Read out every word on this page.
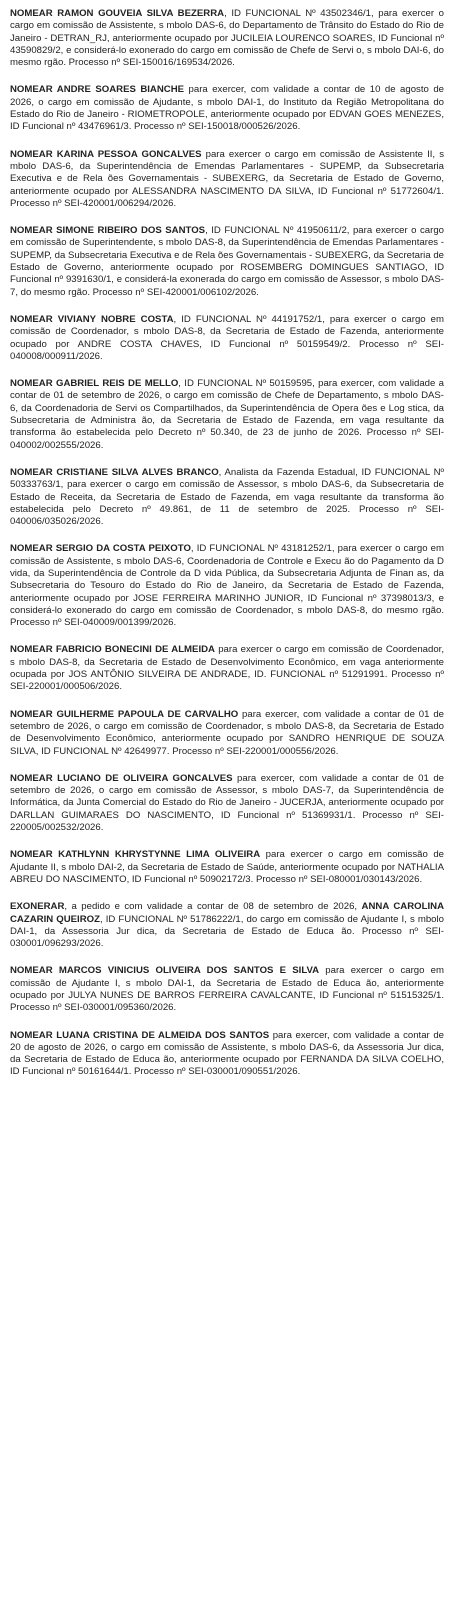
NOMEAR RAMON GOUVEIA SILVA BEZERRA, ID FUNCIONAL Nº 43502346/1, para exercer o cargo em comissão de Assistente, s mbolo DAS-6, do Departamento de Trânsito do Estado do Rio de Janeiro - DETRAN_RJ, anteriormente ocupado por JUCILEIA LOURENCO SOARES, ID Funcional nº 43590829/2, e considerá-lo exonerado do cargo em comissão de Chefe de Servi o, s mbolo DAI-6, do mesmo rgão. Processo nº SEI-150016/169534/2026.

NOMEAR ANDRE SOARES BIANCHE para exercer, com validade a contar de 10 de agosto de 2026, o cargo em comissão de Ajudante, s mbolo DAI-1, do Instituto da Região Metropolitana do Estado do Rio de Janeiro - RIOMETROPOLE, anteriormente ocupado por EDVAN GOES MENEZES, ID Funcional nº 43476961/3. Processo nº SEI-150018/000526/2026.

NOMEAR KARINA PESSOA GONCALVES para exercer o cargo em comissão de Assistente II, s mbolo DAS-6, da Superintendência de Emendas Parlamentares - SUPEMP, da Subsecretaria Executiva e de Rela ões Governamentais - SUBEXERG, da Secretaria de Estado de Governo, anteriormente ocupado por ALESSANDRA NASCIMENTO DA SILVA, ID Funcional nº 51772604/1. Processo nº SEI-420001/006294/2026.

NOMEAR SIMONE RIBEIRO DOS SANTOS, ID FUNCIONAL Nº 41950611/2, para exercer o cargo em comissão de Superintendente, s mbolo DAS-8, da Superintendência de Emendas Parlamentares - SUPEMP, da Subsecretaria Executiva e de Rela ões Governamentais - SUBEXERG, da Secretaria de Estado de Governo, anteriormente ocupado por ROSEMBERG DOMINGUES SANTIAGO, ID Funcional nº 9391630/1, e considerá-la exonerada do cargo em comissão de Assessor, s mbolo DAS-7, do mesmo rgão. Processo nº SEI-420001/006102/2026.

NOMEAR VIVIANY NOBRE COSTA, ID FUNCIONAL Nº 44191752/1, para exercer o cargo em comissão de Coordenador, s mbolo DAS-8, da Secretaria de Estado de Fazenda, anteriormente ocupado por ANDRE COSTA CHAVES, ID Funcional nº 50159549/2. Processo nº SEI-040008/000911/2026.

NOMEAR GABRIEL REIS DE MELLO, ID FUNCIONAL Nº 50159595, para exercer, com validade a contar de 01 de setembro de 2026, o cargo em comissão de Chefe de Departamento, s mbolo DAS-6, da Coordenadoria de Servi os Compartilhados, da Superintendência de Opera ões e Log stica, da Subsecretaria de Administra ão, da Secretaria de Estado de Fazenda, em vaga resultante da transforma ão estabelecida pelo Decreto nº 50.340, de 23 de junho de 2026. Processo nº SEI-040002/002555/2026.

NOMEAR CRISTIANE SILVA ALVES BRANCO, Analista da Fazenda Estadual, ID FUNCIONAL Nº 50333763/1, para exercer o cargo em comissão de Assessor, s mbolo DAS-6, da Subsecretaria de Estado de Receita, da Secretaria de Estado de Fazenda, em vaga resultante da transforma ão estabelecida pelo Decreto nº 49.861, de 11 de setembro de 2025. Processo nº SEI-040006/035026/2026.

NOMEAR SERGIO DA COSTA PEIXOTO, ID FUNCIONAL Nº 43181252/1, para exercer o cargo em comissão de Assistente, s mbolo DAS-6, Coordenadoria de Controle e Execu ão do Pagamento da D vida, da Superintendência de Controle da D vida Pública, da Subsecretaria Adjunta de Finan as, da Subsecretaria do Tesouro do Estado do Rio de Janeiro, da Secretaria de Estado de Fazenda, anteriormente ocupado por JOSE FERREIRA MARINHO JUNIOR, ID Funcional nº 37398013/3, e considerá-lo exonerado do cargo em comissão de Coordenador, s mbolo DAS-8, do mesmo rgão. Processo nº SEI-040009/001399/2026.

NOMEAR FABRICIO BONECINI DE ALMEIDA para exercer o cargo em comissão de Coordenador, s mbolo DAS-8, da Secretaria de Estado de Desenvolvimento Econômico, em vaga anteriormente ocupada por JOS ANTÔNIO SILVEIRA DE ANDRADE, ID. FUNCIONAL nº 51291991. Processo nº SEI-220001/000506/2026.

NOMEAR GUILHERME PAPOULA DE CARVALHO para exercer, com validade a contar de 01 de setembro de 2026, o cargo em comissão de Coordenador, s mbolo DAS-8, da Secretaria de Estado de Desenvolvimento Econômico, anteriormente ocupado por SANDRO HENRIQUE DE SOUZA SILVA, ID FUNCIONAL Nº 42649977. Processo nº SEI-220001/000556/2026.

NOMEAR LUCIANO DE OLIVEIRA GONCALVES para exercer, com validade a contar de 01 de setembro de 2026, o cargo em comissão de Assessor, s mbolo DAS-7, da Superintendência de Informática, da Junta Comercial do Estado do Rio de Janeiro - JUCERJA, anteriormente ocupado por DARLLAN GUIMARAES DO NASCIMENTO, ID Funcional nº 51369931/1. Processo nº SEI-220005/002532/2026.

NOMEAR KATHLYNN KHRYSTYNNE LIMA OLIVEIRA para exercer o cargo em comissão de Ajudante II, s mbolo DAI-2, da Secretaria de Estado de Saúde, anteriormente ocupado por NATHALIA ABREU DO NASCIMENTO, ID Funcional nº 50902172/3. Processo nº SEI-080001/030143/2026.

EXONERAR, a pedido e com validade a contar de 08 de setembro de 2026, ANNA CAROLINA CAZARIN QUEIROZ, ID FUNCIONAL Nº 51786222/1, do cargo em comissão de Ajudante I, s mbolo DAI-1, da Assessoria Jur dica, da Secretaria de Estado de Educa ão. Processo nº SEI-030001/096293/2026.

NOMEAR MARCOS VINICIUS OLIVEIRA DOS SANTOS E SILVA para exercer o cargo em comissão de Ajudante I, s mbolo DAI-1, da Secretaria de Estado de Educa ão, anteriormente ocupado por JULYA NUNES DE BARROS FERREIRA CAVALCANTE, ID Funcional nº 51515325/1. Processo nº SEI-030001/095360/2026.

NOMEAR LUANA CRISTINA DE ALMEIDA DOS SANTOS para exercer, com validade a contar de 20 de agosto de 2026, o cargo em comissão de Assistente, s mbolo DAS-6, da Assessoria Jur dica, da Secretaria de Estado de Educa ão, anteriormente ocupado por FERNANDA DA SILVA COELHO, ID Funcional nº 50161644/1. Processo nº SEI-030001/090551/2026.
